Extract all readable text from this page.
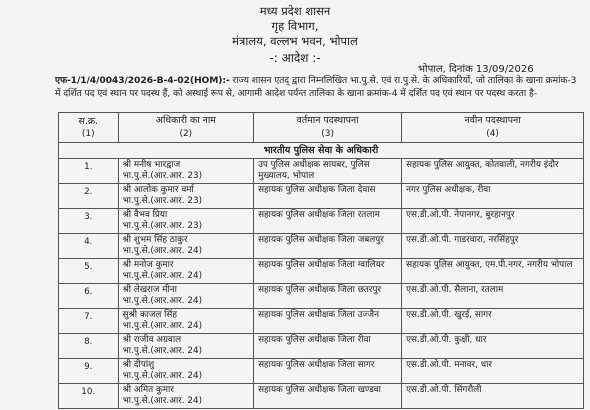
मध्य प्रदेश शासन
गृह विभाग,
मंत्रालय, वल्लभ भवन, भोपाल
-: आदेश :-
भोपाल, दिनांक 13/09/2026
एफ-1/1/4/0043/2026-B-4-02(HOM):- राज्य शासन एतद् द्वारा निम्नलिखित भा.पु.से. एवं रा.पु.से. के अधिकारियों, जो तालिका के खाना क्रमांक-3 में दर्शित पद एवं स्थान पर पदस्थ हैं, को अस्थाई रूप से, आगामी आदेश पर्यन्त तालिका के खाना क्रमांक-4 में दर्शित पद एवं स्थान पर पदस्थ करता है-
स.क्र.	अधिकारी का नाम	वर्तमान पदस्थापना	नवीन पदस्थापना
(1)	(2)	(3)	(4)
भारतीय पुलिस सेवा के अधिकारी			
1.	श्री मनीष भारद्वाज
भा.पु.से.(आर.आर. 23)	उप पुलिस अधीक्षक सायबर, पुलिस मुख्यालय, भोपाल	सहायक पुलिस आयुक्त, कोतवाली, नगरीय इंदौर
2.	श्री आलोक कुमार वर्मा
भा.पु.से.(आर.आर. 23)	सहायक पुलिस अधीक्षक जिला देवास	नगर पुलिस अधीक्षक, रीवा
3.	श्री वैभव प्रिया
भा.पु.से.(आर.आर. 23)	सहायक पुलिस अधीक्षक जिला रतलाम	एस.डी.ओ.पी. नेपानगर, बुरहानपुर
4.	श्री शुभम सिंह ठाकुर
भा.पु.से.(आर.आर. 24)	सहायक पुलिस अधीक्षक जिला जबलपुर	एस.डी.ओ.पी. गाडरवारा, नरसिंहपुर
5.	श्री मनोज कुमार
भा.पु.से.(आर.आर. 24)	सहायक पुलिस अधीक्षक जिला ग्वालियर	सहायक पुलिस आयुक्त, एम.पी.नगर, नगरीय भोपाल
6.	श्री लेखराज मीना
भा.पु.से.(आर.आर. 24)	सहायक पुलिस अधीक्षक जिला छतरपुर	एस.डी.ओ.पी. सैलाना, रतलाम
7.	सुश्री काजल सिंह
भा.पु.से.(आर.आर. 24)	सहायक पुलिस अधीक्षक जिला उज्जैन	एस.डी.ओ.पी. खुरई, सागर
8.	श्री राजीव अग्रवाल
भा.पु.से.(आर.आर. 24)	सहायक पुलिस अधीक्षक जिला रीवा	एस.डी.ओ.पी. कुक्षी, धार
9.	श्री दीपांशु
भा.पु.से.(आर.आर. 24)	सहायक पुलिस अधीक्षक जिला सागर	एस.डी.ओ.पी. मनावर, धार
10.	श्री अमित कुमार
भा.पु.से.(आर.आर. 24)	सहायक पुलिस अधीक्षक जिला खण्डवा	एस.डी.ओ.पी. सिंगरौली
